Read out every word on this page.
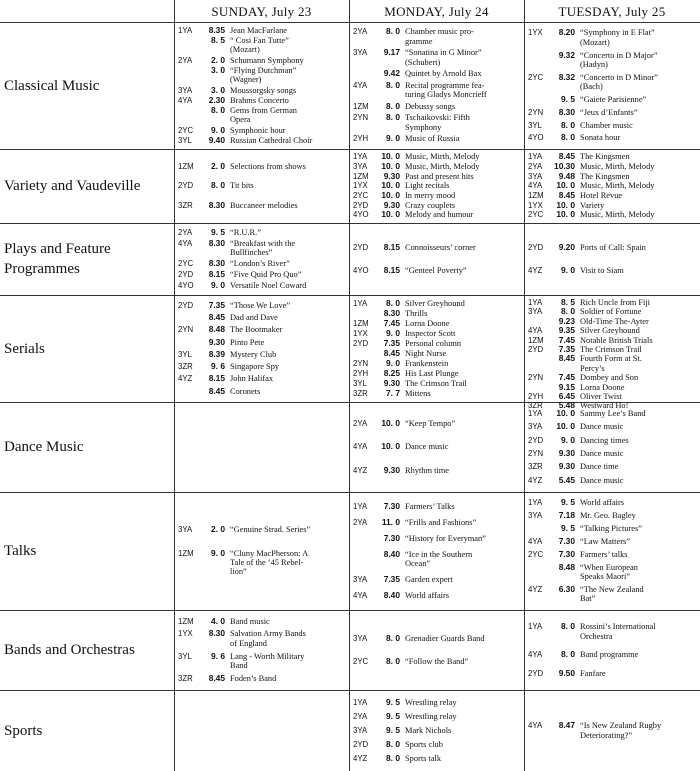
SUNDAY, July 23	MONDAY, July 24	TUESDAY, July 25
Classical Music
1YA	8.35 Jean MacFarlane
8. 5 “ Cosi Fan Tutte”
(Mozart)
2YA	2. 0 Schumann Symphony
3. 0 “Flying Dutchman”
(Wagner)
3YA	3. 0 Moussorgsky songs
4YA	2.30 Brahms Concerto
8. 0 Gems from German
Opera
2YC	9. 0 Symphonic hour
3YL	9.40 Russian Cathedral Choir
2YA	8. 0 Chamber music pro-
gramme
3YA	9.17 “Sonatina in G Minor”
(Schubert)
9.42 Quintet by Arnold Bax
4YA	8. 0 Recital programme fea-
turing Gladys Moncrieff
1ZM	8. 0 Debussy songs
2YN	8. 0 Tschaikovski: Fifth
Symphony
2YH	9. 0 Music of Russia
1YX	8.20 “Symphony in E Flat”
(Mozart)
9.32 “Concerto in D Major”
(Hadyn)
2YC	8.32 “Concerto in D Minor”
(Bach)
9. 5 “Gaiete Parisienne”
2YN	8.30 “Jeux d’Enfants”
3YL	8. 0 Chamber music
4YO	8. 0 Sonata hour
Variety and Vaudeville
1ZM	2. 0 Selections from shows
2YD	8. 0 Tit bits
3ZR	8.30 Buccaneer melodies
1YA	10. 0 Music, Mirth, Melody
3YA	10. 0 Music, Mirth, Melody
1ZM	9.30 Past and present hits
1YX	10. 0 Light recitals
2YC	10. 0 In merry mood
2YD	9.30 Crazy couplets
4YO	10. 0 Melody and humour
1YA	8.45 The Kingsmen
2YA	10.30 Music, Mirth, Melody
3YA	9.48 The Kingsmen
4YA	10. 0 Music, Mirth, Melody
1ZM	8.45 Hotel Revue
1YX	10. 0 Variety
2YC	10. 0 Music, Mirth, Melody
Plays and Feature Programmes
2YA	9. 5 “R.U.R.”
4YA	8.30 “Breakfast with the
Bullfinches”
2YC	8.30 “London’s River”
2YD	8.15 “Five Quid Pro Quo”
4YO	9. 0 Versatile Noel Coward
2YD	8.15 Connoisseurs’ corner
4YO	8.15 “Genteel Poverty”
2YD	9.20 Ports of Call: Spain
4YZ	9. 0 Visit to Siam
Serials
2YD	7.35 “Those We Love”
8.45 Dad and Dave
2YN	8.48 The Bootmaker
9.30 Pinto Pete
3YL	8.39 Mystery Club
3ZR	9. 6 Singapore Spy
4YZ	8.15 John Halifax
8.45 Coronets
1YA	8. 0 Silver Greyhound
8.30 Thrills
1ZM	7.45 Lorna Doone
1YX	9. 0 Inspector Scott
2YD	7.35 Personal column
8.45 Night Nurse
2YN	9. 0 Frankenstein
2YH	8.25 His Last Plunge
3YL	9.30 The Crimson Trail
3ZR	7. 7 Mittens
1YA	8. 5 Rich Uncle from Fiji
3YA	8. 0 Soldier of Fortune
9.23 Old-Time The-Ayter
4YA	9.35 Silver Greyhound
1ZM	7.45 Notable British Trials
2YD	7.35 The Crimson Trail
8.45 Fourth Form at St.
Percy’s
2YN	7.45 Dombey and Son
9.15 Lorna Doone
2YH	6.45 Oliver Twist
3ZR	5.48 Westward Ho!
Dance Music
2YA	10. 0 “Keep Tempo”
4YA	10. 0 Dance music
4YZ	9.30 Rhythm time
1YA	10. 0 Sammy Lee’s Band
3YA	10. 0 Dance music
2YD	9. 0 Dancing times
2YN	9.30 Dance music
3ZR	9.30 Dance time
4YZ	5.45 Dance music
Talks
3YA	2. 0 “Genuine Strad. Series”
1ZM	9. 0 “Cluny MacPherson: A
Tale of the ’45 Rebel-
lion”
1YA	7.30 Farmers’ Talks
2YA	11. 0 “Frills and Fashions”
7.30 “History for Everyman”
8.40 “Ice in the Southern
Ocean”
3YA	7.35 Garden expert
4YA	8.40 World affairs
1YA	9. 5 World affairs
3YA	7.18 Mr. Geo. Bagley
9. 5 “Talking Pictures”
4YA	7.30 “Law Matters”
2YC	7.30 Farmers’ talks
8.48 “When European
Speaks Maori”
4YZ	6.30 “The New Zealand
Bat”
Bands and Orchestras
1ZM	4. 0 Band music
1YX	8.30 Salvation Army Bands
of England
3YL	9. 6 Lang - Worth Military
Band
3ZR	8.45 Foden’s Band
3YA	8. 0 Grenadier Guards Band
2YC	8. 0 “Follow the Band”
1YA	8. 0 Rossini’s International
Orchestra
4YA	8. 0 Band programme
2YD	9.50 Fanfare
Sports
1YA	9. 5 Wrestling relay
2YA	9. 5 Wrestling relay
3YA	9. 5 Mark Nichols
2YD	8. 0 Sports club
4YZ	8. 0 Sports talk
4YA	8.47 “Is New Zealand Rugby
Deteriorating?”
